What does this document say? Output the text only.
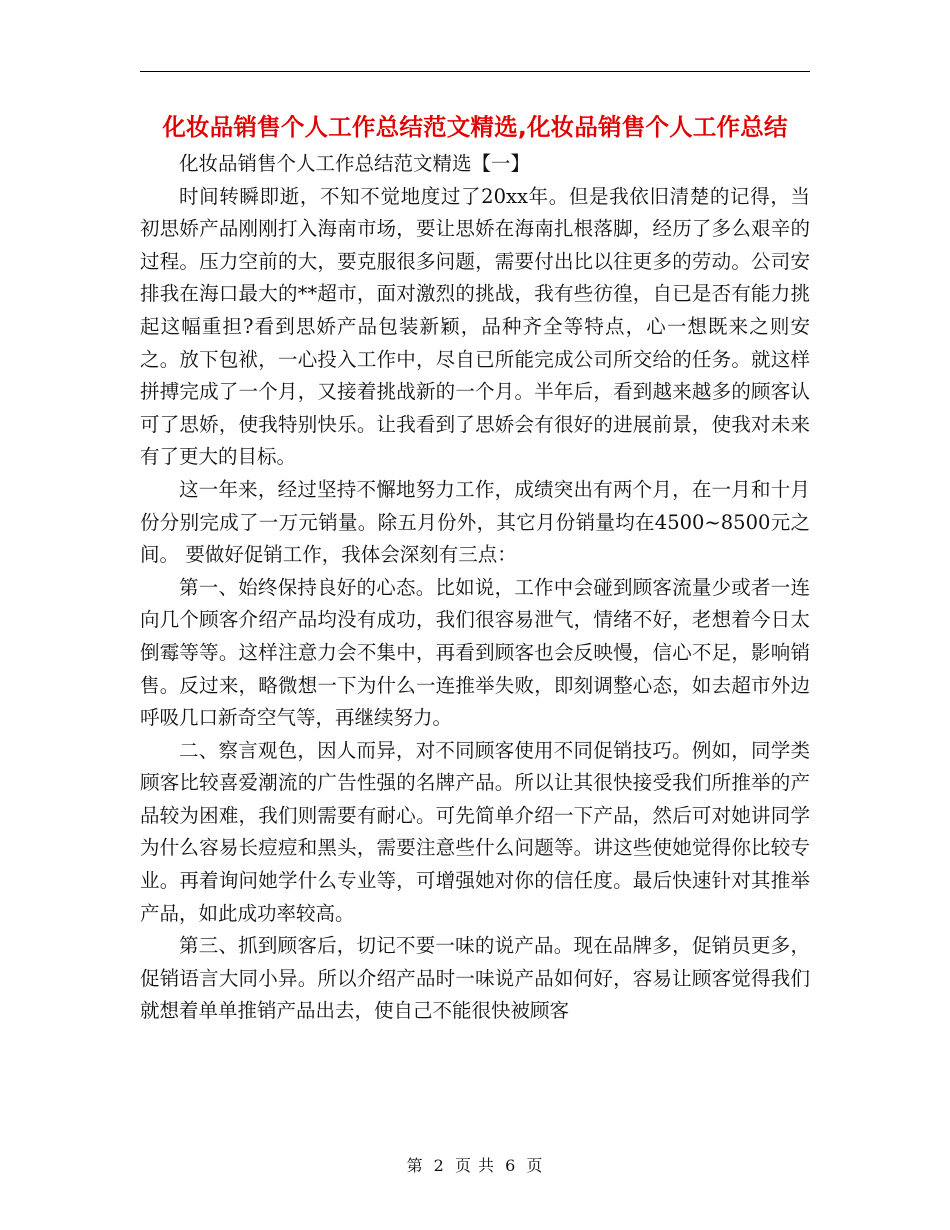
化妆品销售个人工作总结范文精选,化妆品销售个人工作总结

化妆品销售个人工作总结范文精选【一】

时间转瞬即逝，不知不觉地度过了20xx年。但是我依旧清楚的记得，当初思娇产品刚刚打入海南市场，要让思娇在海南扎根落脚，经历了多么艰辛的过程。压力空前的大，要克服很多问题，需要付出比以往更多的劳动。公司安排我在海口最大的**超市，面对激烈的挑战，我有些彷徨，自已是否有能力挑起这幅重担?看到思娇产品包装新颖，品种齐全等特点，心一想既来之则安之。放下包袱，一心投入工作中，尽自已所能完成公司所交给的任务。就这样拼搏完成了一个月，又接着挑战新的一个月。半年后，看到越来越多的顾客认可了思娇，使我特别快乐。让我看到了思娇会有很好的进展前景，使我对未来有了更大的目标。

这一年来，经过坚持不懈地努力工作，成绩突出有两个月，在一月和十月份分别完成了一万元销量。除五月份外，其它月份销量均在4500~8500元之间。 要做好促销工作，我体会深刻有三点：

第一、始终保持良好的心态。比如说，工作中会碰到顾客流量少或者一连向几个顾客介绍产品均没有成功，我们很容易泄气，情绪不好，老想着今日太倒霉等等。这样注意力会不集中，再看到顾客也会反映慢，信心不足，影响销售。反过来，略微想一下为什么一连推举失败，即刻调整心态，如去超市外边呼吸几口新奇空气等，再继续努力。

二、察言观色，因人而异，对不同顾客使用不同促销技巧。例如，同学类顾客比较喜爱潮流的广告性强的名牌产品。所以让其很快接受我们所推举的产品较为困难，我们则需要有耐心。可先简单介绍一下产品，然后可对她讲同学为什么容易长痘痘和黑头，需要注意些什么问题等。讲这些使她觉得你比较专业。再着询问她学什么专业等，可增强她对你的信任度。最后快速针对其推举产品，如此成功率较高。

第三、抓到顾客后，切记不要一味的说产品。现在品牌多，促销员更多，促销语言大同小异。所以介绍产品时一味说产品如何好，容易让顾客觉得我们就想着单单推销产品出去，使自己不能很快被顾客

第 2 页 共 6 页
